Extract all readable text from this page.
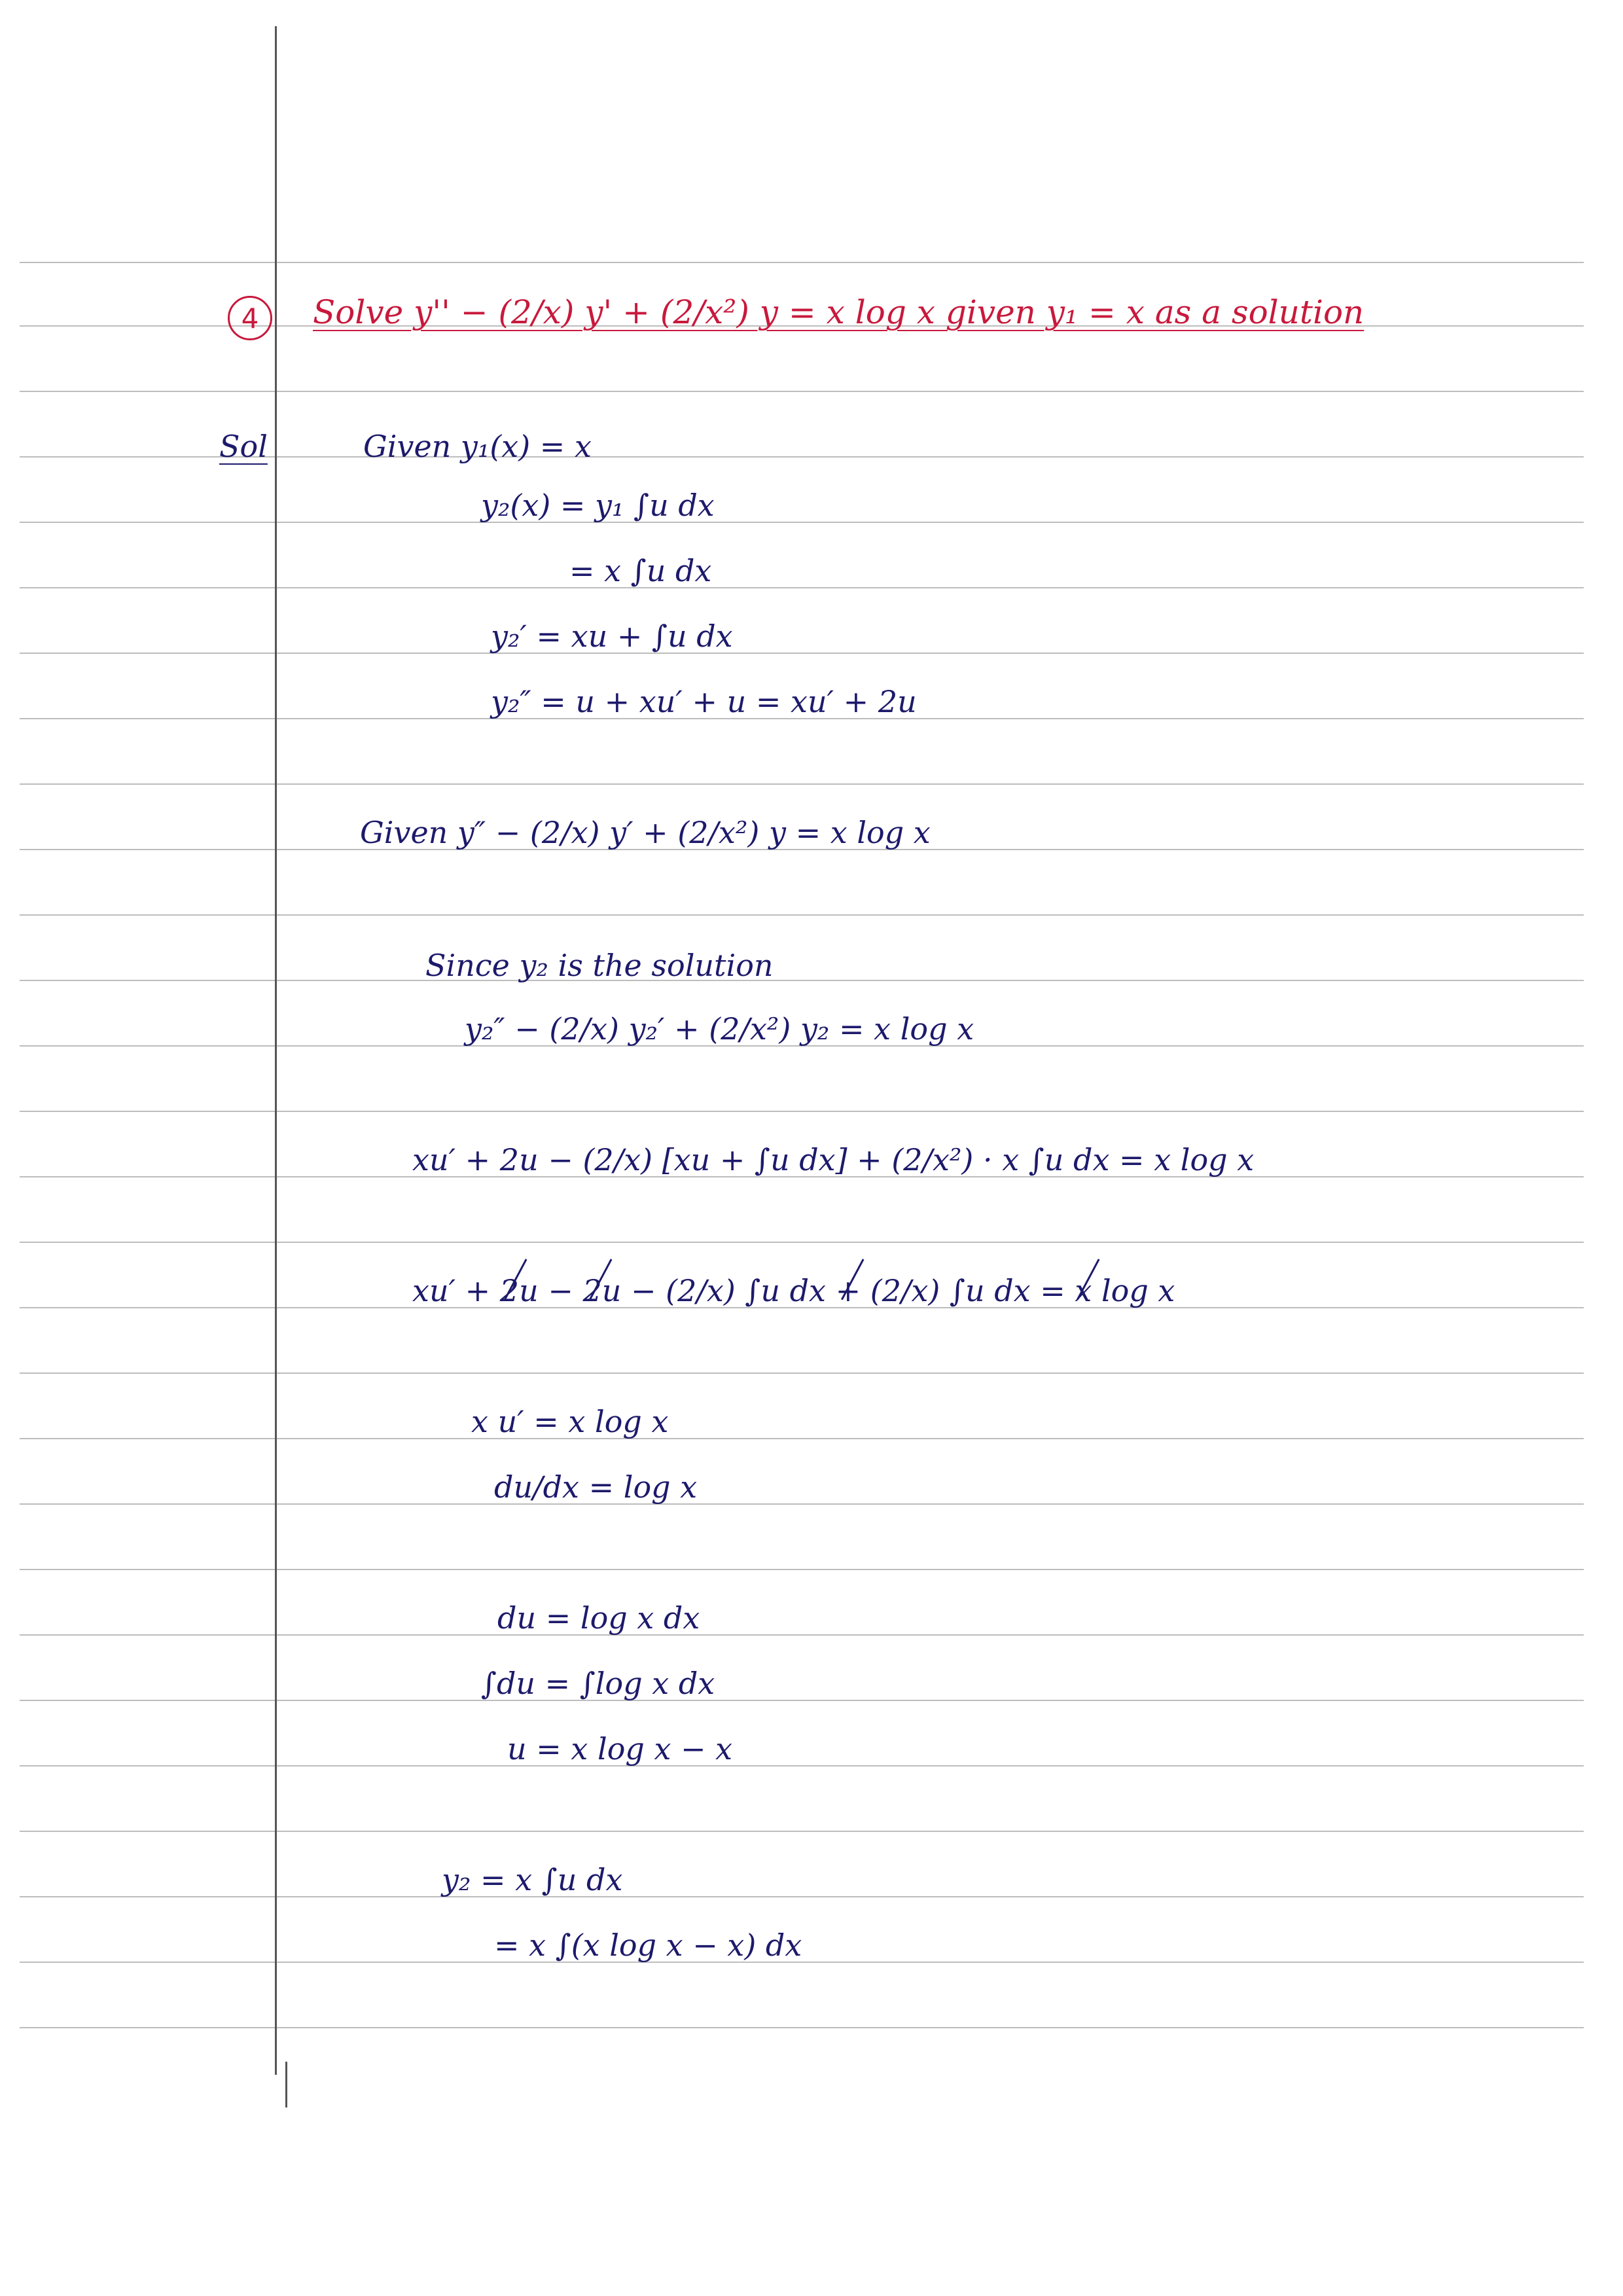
4	Solve y'' − (2/x) y' + (2/x²) y = x log x given y₁ = x as a solution
Sol	Given y₁(x) = x
y₂(x) = y₁ ∫u dx
= x ∫u dx
y₂′ = xu + ∫u dx
y₂″ = u + xu′ + u = xu′ + 2u
Given y″ − (2/x) y′ + (2/x²) y = x log x
Since y₂ is the solution
y₂″ − (2/x) y₂′ + (2/x²) y₂ = x log x
xu′ + 2u − (2/x) [xu + ∫u dx] + (2/x²) · x ∫u dx = x log x
xu′ + 2u − 2u − (2/x) ∫u dx + (2/x) ∫u dx = x log x
x u′ = x log x
du/dx = log x
du = log x dx
∫du = ∫log x dx
u = x log x − x
y₂ = x ∫u dx
= x ∫(x log x − x) dx
